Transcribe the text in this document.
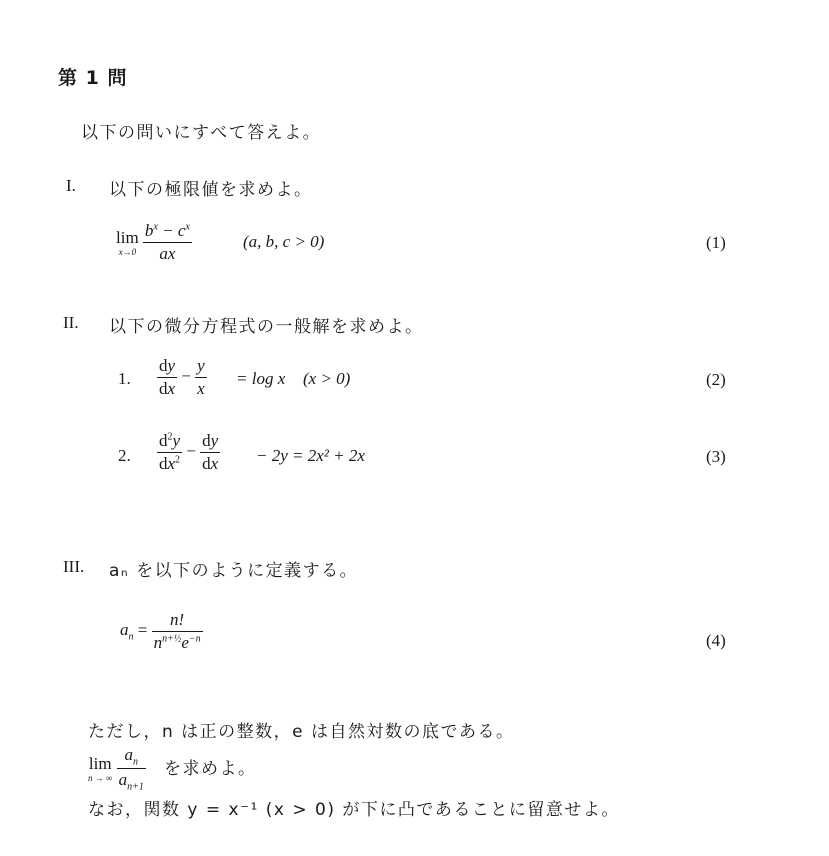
第 1 問
以下の問いにすべて答えよ。
I. 以下の極限値を求めよ。
lim
x→0
$\frac{b^x - c^x}{ax}$	(a, b, c > 0)	(1)
II. 以下の微分方程式の一般解を求めよ。
1. $\frac{dy}{dx} - \frac{y}{x} = \log x$ (x > 0)	(2)
2. $\frac{d^2y}{dx^2} - \frac{dy}{dx} - 2y = 2x^2 + 2x$	(3)
III. aₙ を以下のように定義する。
$a_n = \frac{n!}{n^{n+\frac{1}{2}}e^{-n}}$	(4)
ただし，n は正の整数，e は自然対数の底である。
lim
n → ∞
$\frac{a_n}{a_{n+1}}$ を求めよ。
なお，関数 y = x⁻¹ (x > 0) が下に凸であることに留意せよ。
